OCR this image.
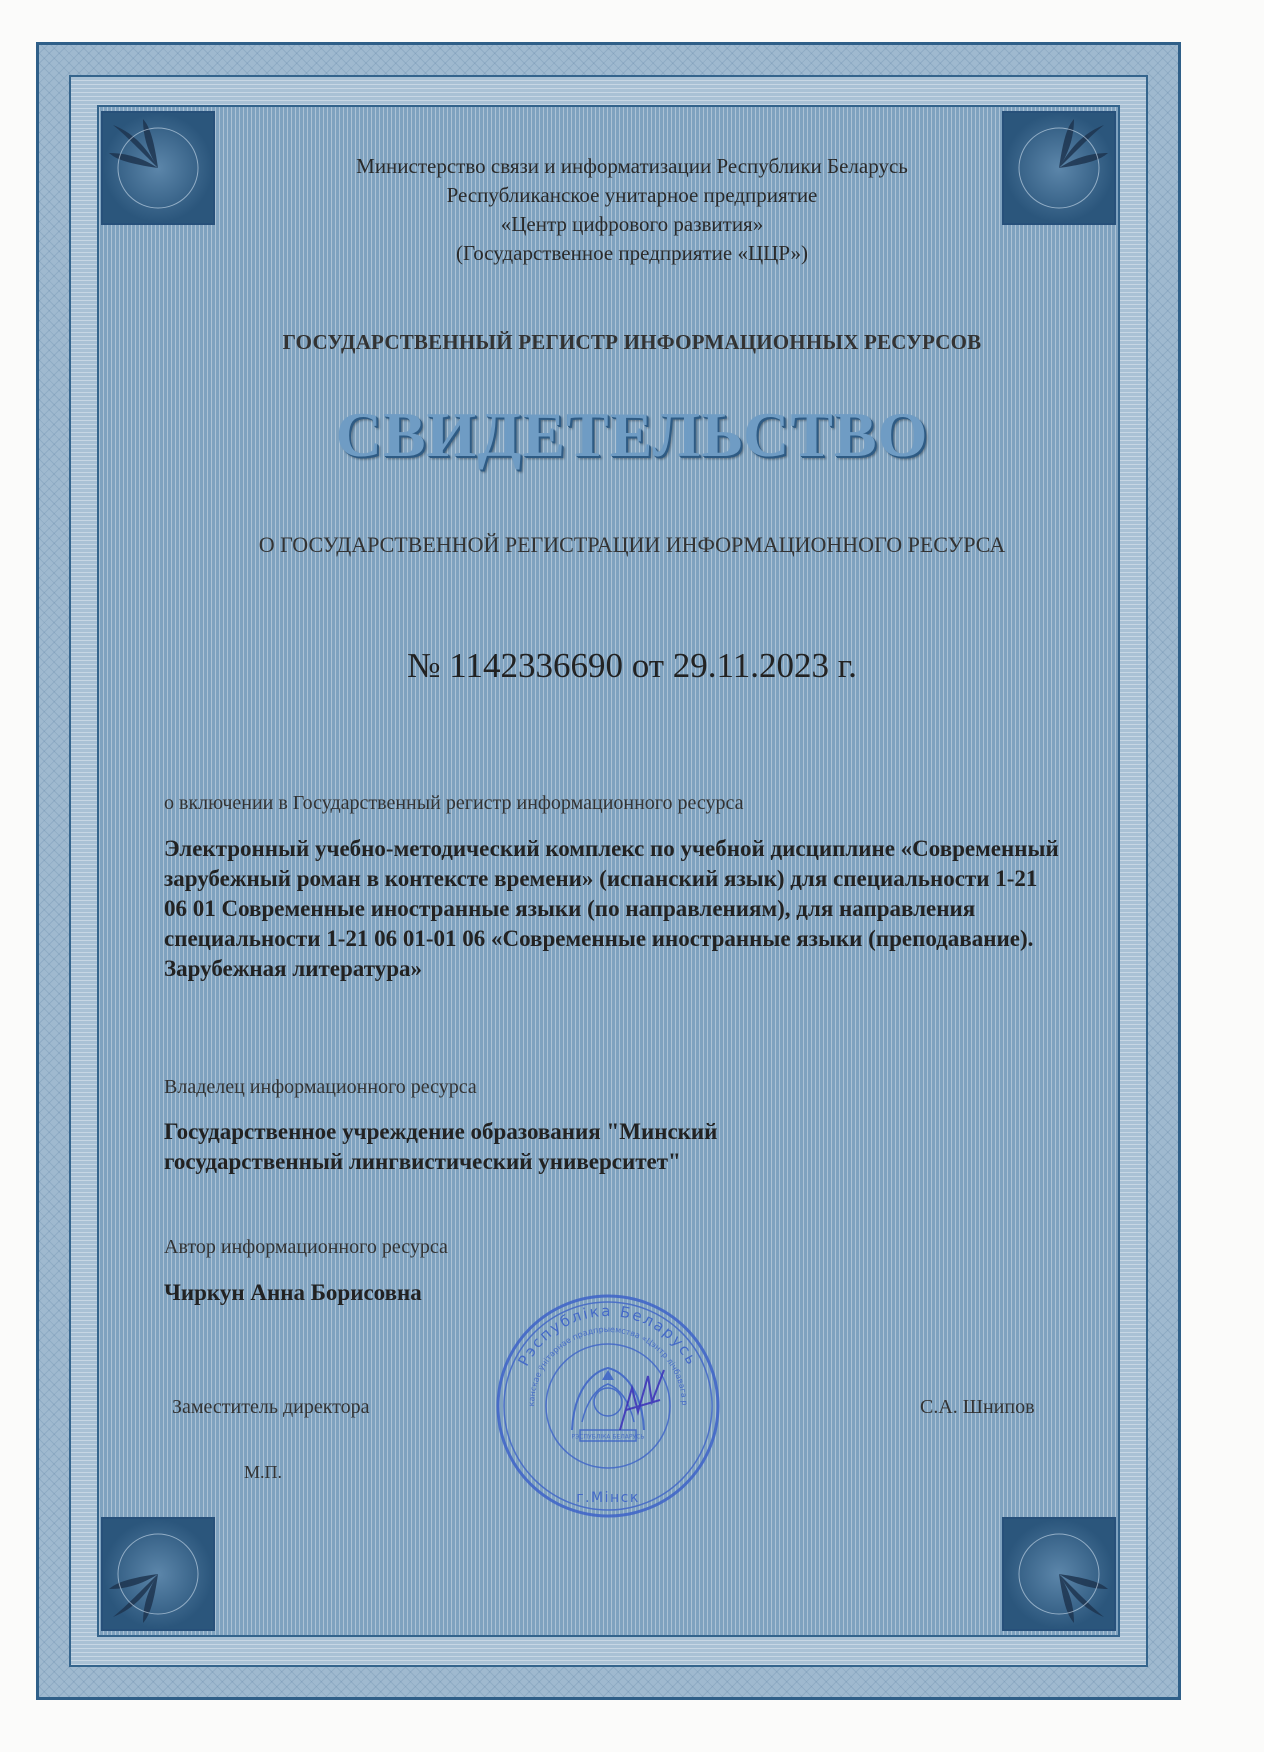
Министерство связи и информатизации Республики Беларусь
Республиканское унитарное предприятие
«Центр цифрового развития»
(Государственное предприятие «ЦЦР»)
ГОСУДАРСТВЕННЫЙ РЕГИСТР ИНФОРМАЦИОННЫХ РЕСУРСОВ
СВИДЕТЕЛЬСТВО
О ГОСУДАРСТВЕННОЙ РЕГИСТРАЦИИ ИНФОРМАЦИОННОГО РЕСУРСА
№ 1142336690 от 29.11.2023 г.
о включении в Государственный регистр информационного ресурса
Электронный учебно-методический комплекс по учебной дисциплине «Современный зарубежный роман в контексте времени» (испанский язык) для специальности 1-21 06 01 Современные иностранные языки (по направлениям), для направления специальности 1-21 06 01-01 06 «Современные иностранные языки (преподавание). Зарубежная литература»
Владелец информационного ресурса
Государственное учреждение образования "Минский государственный лингвистический университет"
Автор информационного ресурса
Чиркун Анна Борисовна
Заместитель директора	С.А. Шнипов
М.П.
Рэспубліка Беларусь
канскае ўнітарнае прадпрыемства «Цэнтр лічбавага р
РЭСПУБЛІКА БЕЛАРУСЬ
г.Мінск
